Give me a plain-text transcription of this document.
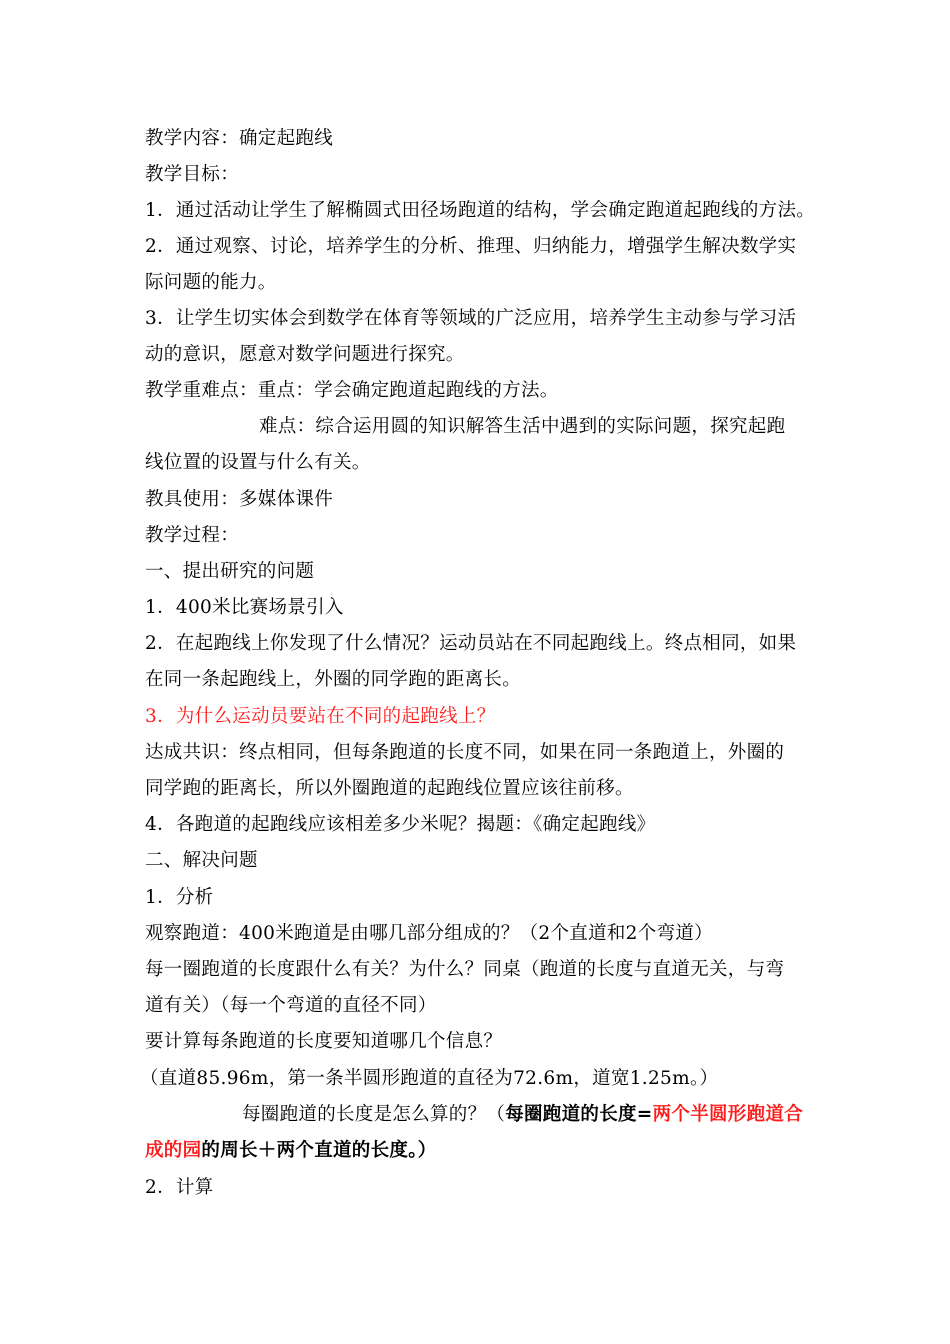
教学内容：确定起跑线
教学目标：
1．通过活动让学生了解椭圆式田径场跑道的结构，学会确定跑道起跑线的方法。
2．通过观察、讨论，培养学生的分析、推理、归纳能力，增强学生解决数学实
际问题的能力。
3．让学生切实体会到数学在体育等领域的广泛应用，培养学生主动参与学习活
动的意识，愿意对数学问题进行探究。
教学重难点：重点：学会确定跑道起跑线的方法。
难点：综合运用圆的知识解答生活中遇到的实际问题，探究起跑
线位置的设置与什么有关。
教具使用：多媒体课件
教学过程：
一、提出研究的问题
1．400米比赛场景引入
2．在起跑线上你发现了什么情况？运动员站在不同起跑线上。终点相同，如果
在同一条起跑线上，外圈的同学跑的距离长。
3．为什么运动员要站在不同的起跑线上？
达成共识：终点相同，但每条跑道的长度不同，如果在同一条跑道上，外圈的
同学跑的距离长，所以外圈跑道的起跑线位置应该往前移。
4．各跑道的起跑线应该相差多少米呢？揭题：《确定起跑线》
二、解决问题
1．分析
观察跑道：400米跑道是由哪几部分组成的？（2个直道和2个弯道）
每一圈跑道的长度跟什么有关？为什么？同桌（跑道的长度与直道无关，与弯
道有关）（每一个弯道的直径不同）
要计算每条跑道的长度要知道哪几个信息？
（直道85.96m，第一条半圆形跑道的直径为72.6m，道宽1.25m。）
每圈跑道的长度是怎么算的？（每圈跑道的长度=两个半圆形跑道合
成的园的周长＋两个直道的长度。）
2．计算
